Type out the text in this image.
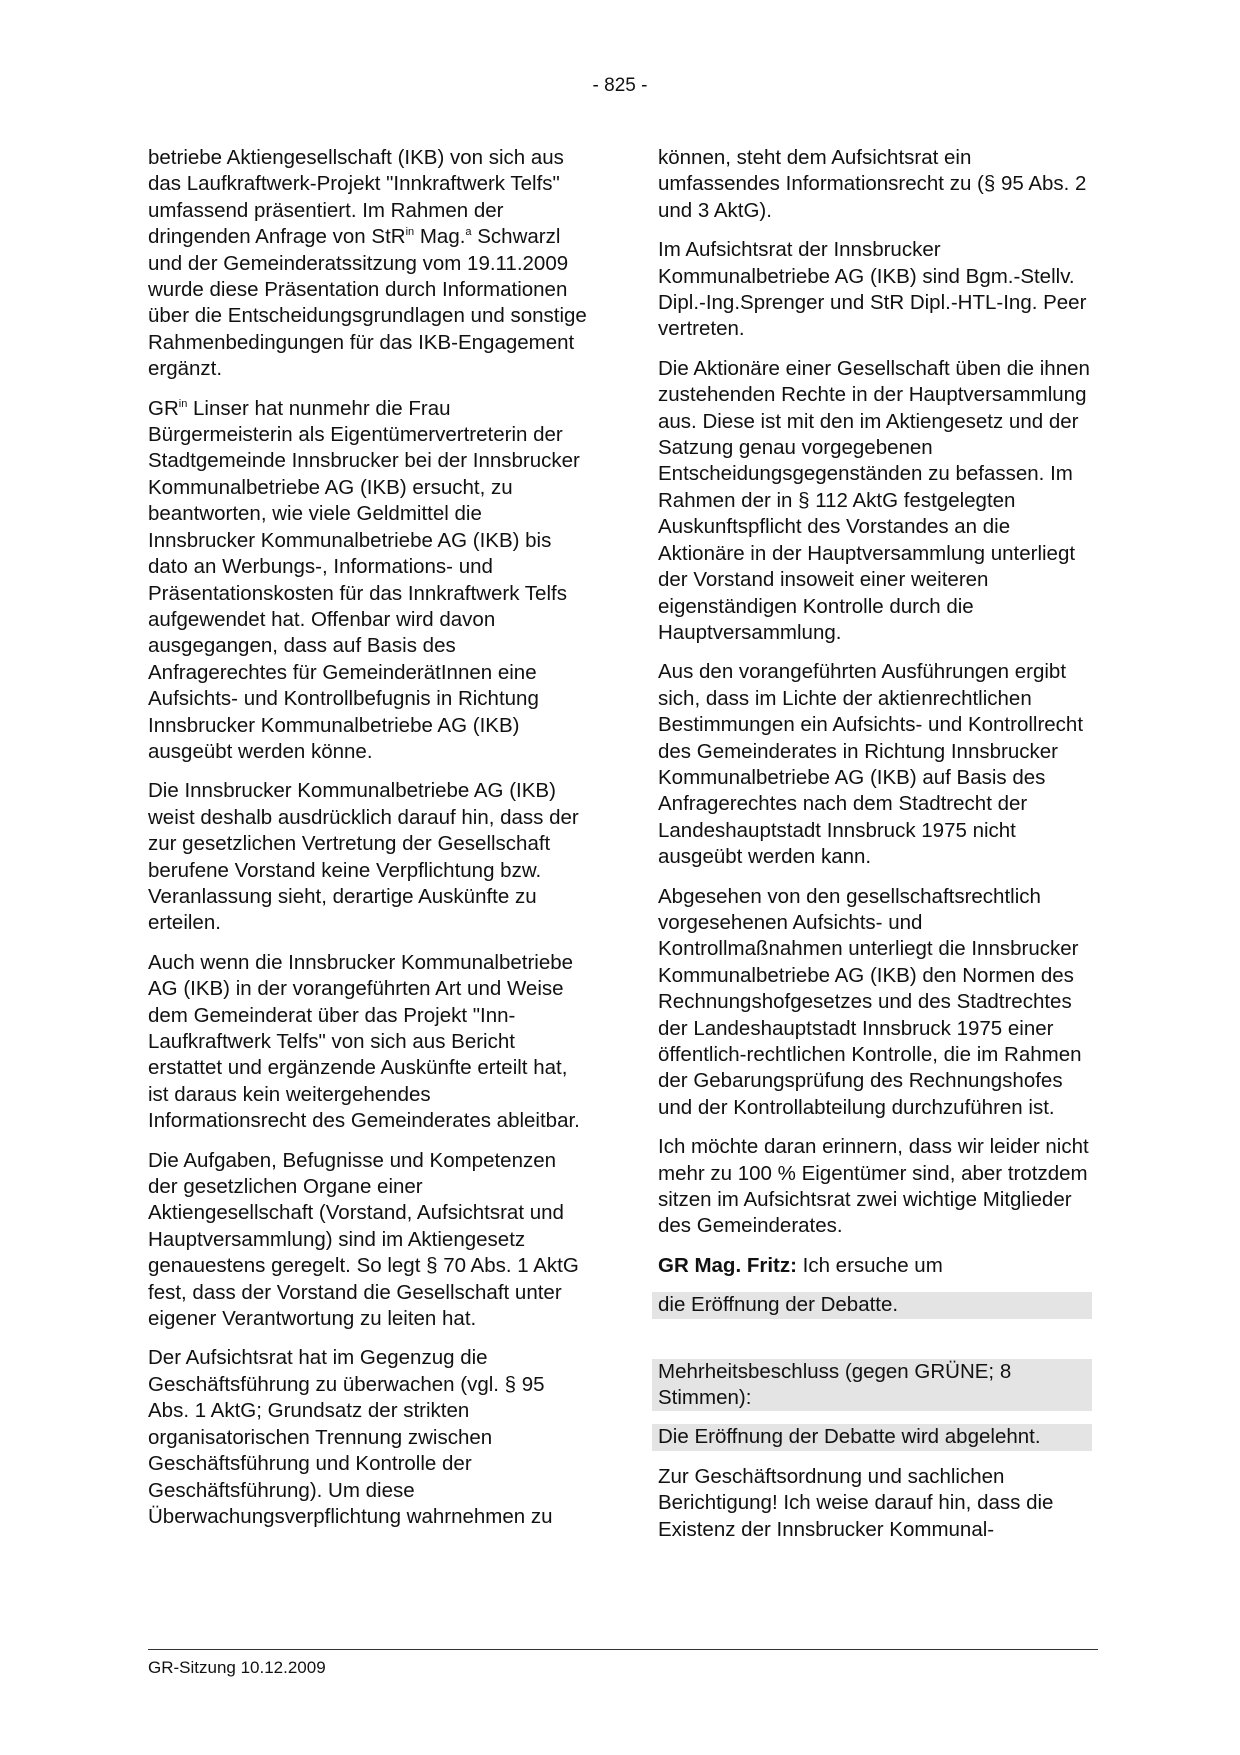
- 825 -

betriebe Aktiengesellschaft (IKB) von sich aus das Laufkraftwerk-Projekt "Innkraftwerk Telfs" umfassend präsentiert. Im Rahmen der dringenden Anfrage von StR$^{in}$ Mag.$^a$ Schwarzl und der Gemeinderatssitzung vom 19.11.2009 wurde diese Präsentation durch Informationen über die Entscheidungsgrundlagen und sonstige Rahmenbedingungen für das IKB-Engagement ergänzt.

$GR^{in}$ Linser hat nunmehr die Frau Bürgermeisterin als Eigentümervertreterin der Stadtgemeinde Innsbrucker bei der Innsbrucker Kommunalbetriebe AG (IKB) ersucht, zu beantworten, wie viele Geldmittel die Innsbrucker Kommunalbetriebe AG (IKB) bis dato an Werbungs-, Informations- und Präsentationskosten für das Innkraftwerk Telfs aufgewendet hat. Offenbar wird davon ausgegangen, dass auf Basis des Anfragerechtes für GemeinderätInnen eine Aufsichts- und Kontrollbefugnis in Richtung Innsbrucker Kommunalbetriebe AG (IKB) ausgeübt werden könne.

Die Innsbrucker Kommunalbetriebe AG (IKB) weist deshalb ausdrücklich darauf hin, dass der zur gesetzlichen Vertretung der Gesellschaft berufene Vorstand keine Verpflichtung bzw. Veranlassung sieht, derartige Auskünfte zu erteilen.

Auch wenn die Innsbrucker Kommunalbetriebe AG (IKB) in der vorangeführten Art und Weise dem Gemeinderat über das Projekt "Inn-Laufkraftwerk Telfs" von sich aus Bericht erstattet und ergänzende Auskünfte erteilt hat, ist daraus kein weitergehendes Informationsrecht des Gemeinderates ableitbar.

Die Aufgaben, Befugnisse und Kompetenzen der gesetzlichen Organe einer Aktiengesellschaft (Vorstand, Aufsichtsrat und Hauptversammlung) sind im Aktiengesetz genauestens geregelt. So legt § 70 Abs. 1 AktG fest, dass der Vorstand die Gesellschaft unter eigener Verantwortung zu leiten hat.

Der Aufsichtsrat hat im Gegenzug die Geschäftsführung zu überwachen (vgl. § 95 Abs. 1 AktG; Grundsatz der strikten organisatorischen Trennung zwischen Geschäftsführung und Kontrolle der Geschäftsführung). Um diese Überwachungsverpflichtung wahrnehmen zu

können, steht dem Aufsichtsrat ein umfassendes Informationsrecht zu (§ 95 Abs. 2 und 3 AktG).

Im Aufsichtsrat der Innsbrucker Kommunalbetriebe AG (IKB) sind Bgm.-Stellv. Dipl.-Ing.Sprenger und StR Dipl.-HTL-Ing. Peer vertreten.

Die Aktionäre einer Gesellschaft üben die ihnen zustehenden Rechte in der Hauptversammlung aus. Diese ist mit den im Aktiengesetz und der Satzung genau vorgegebenen Entscheidungsgegenständen zu befassen. Im Rahmen der in § 112 AktG festgelegten Auskunftspflicht des Vorstandes an die Aktionäre in der Hauptversammlung unterliegt der Vorstand insoweit einer weiteren eigenständigen Kontrolle durch die Hauptversammlung.

Aus den vorangeführten Ausführungen ergibt sich, dass im Lichte der aktienrechtlichen Bestimmungen ein Aufsichts- und Kontrollrecht des Gemeinderates in Richtung Innsbrucker Kommunalbetriebe AG (IKB) auf Basis des Anfragerechtes nach dem Stadtrecht der Landeshauptstadt Innsbruck 1975 nicht ausgeübt werden kann.

Abgesehen von den gesellschaftsrechtlich vorgesehenen Aufsichts- und Kontrollmaßnahmen unterliegt die Innsbrucker Kommunalbetriebe AG (IKB) den Normen des Rechnungshofgesetzes und des Stadtrechtes der Landeshauptstadt Innsbruck 1975 einer öffentlich-rechtlichen Kontrolle, die im Rahmen der Gebarungsprüfung des Rechnungshofes und der Kontrollabteilung durchzuführen ist.

Ich möchte daran erinnern, dass wir leider nicht mehr zu 100 % Eigentümer sind, aber trotzdem sitzen im Aufsichtsrat zwei wichtige Mitglieder des Gemeinderates.

GR Mag. Fritz: Ich ersuche um

die Eröffnung der Debatte.

Mehrheitsbeschluss (gegen GRÜNE; 8 Stimmen):

Die Eröffnung der Debatte wird abgelehnt.

Zur Geschäftsordnung und sachlichen Berichtigung! Ich weise darauf hin, dass die Existenz der Innsbrucker Kommunal-

GR-Sitzung 10.12.2009
